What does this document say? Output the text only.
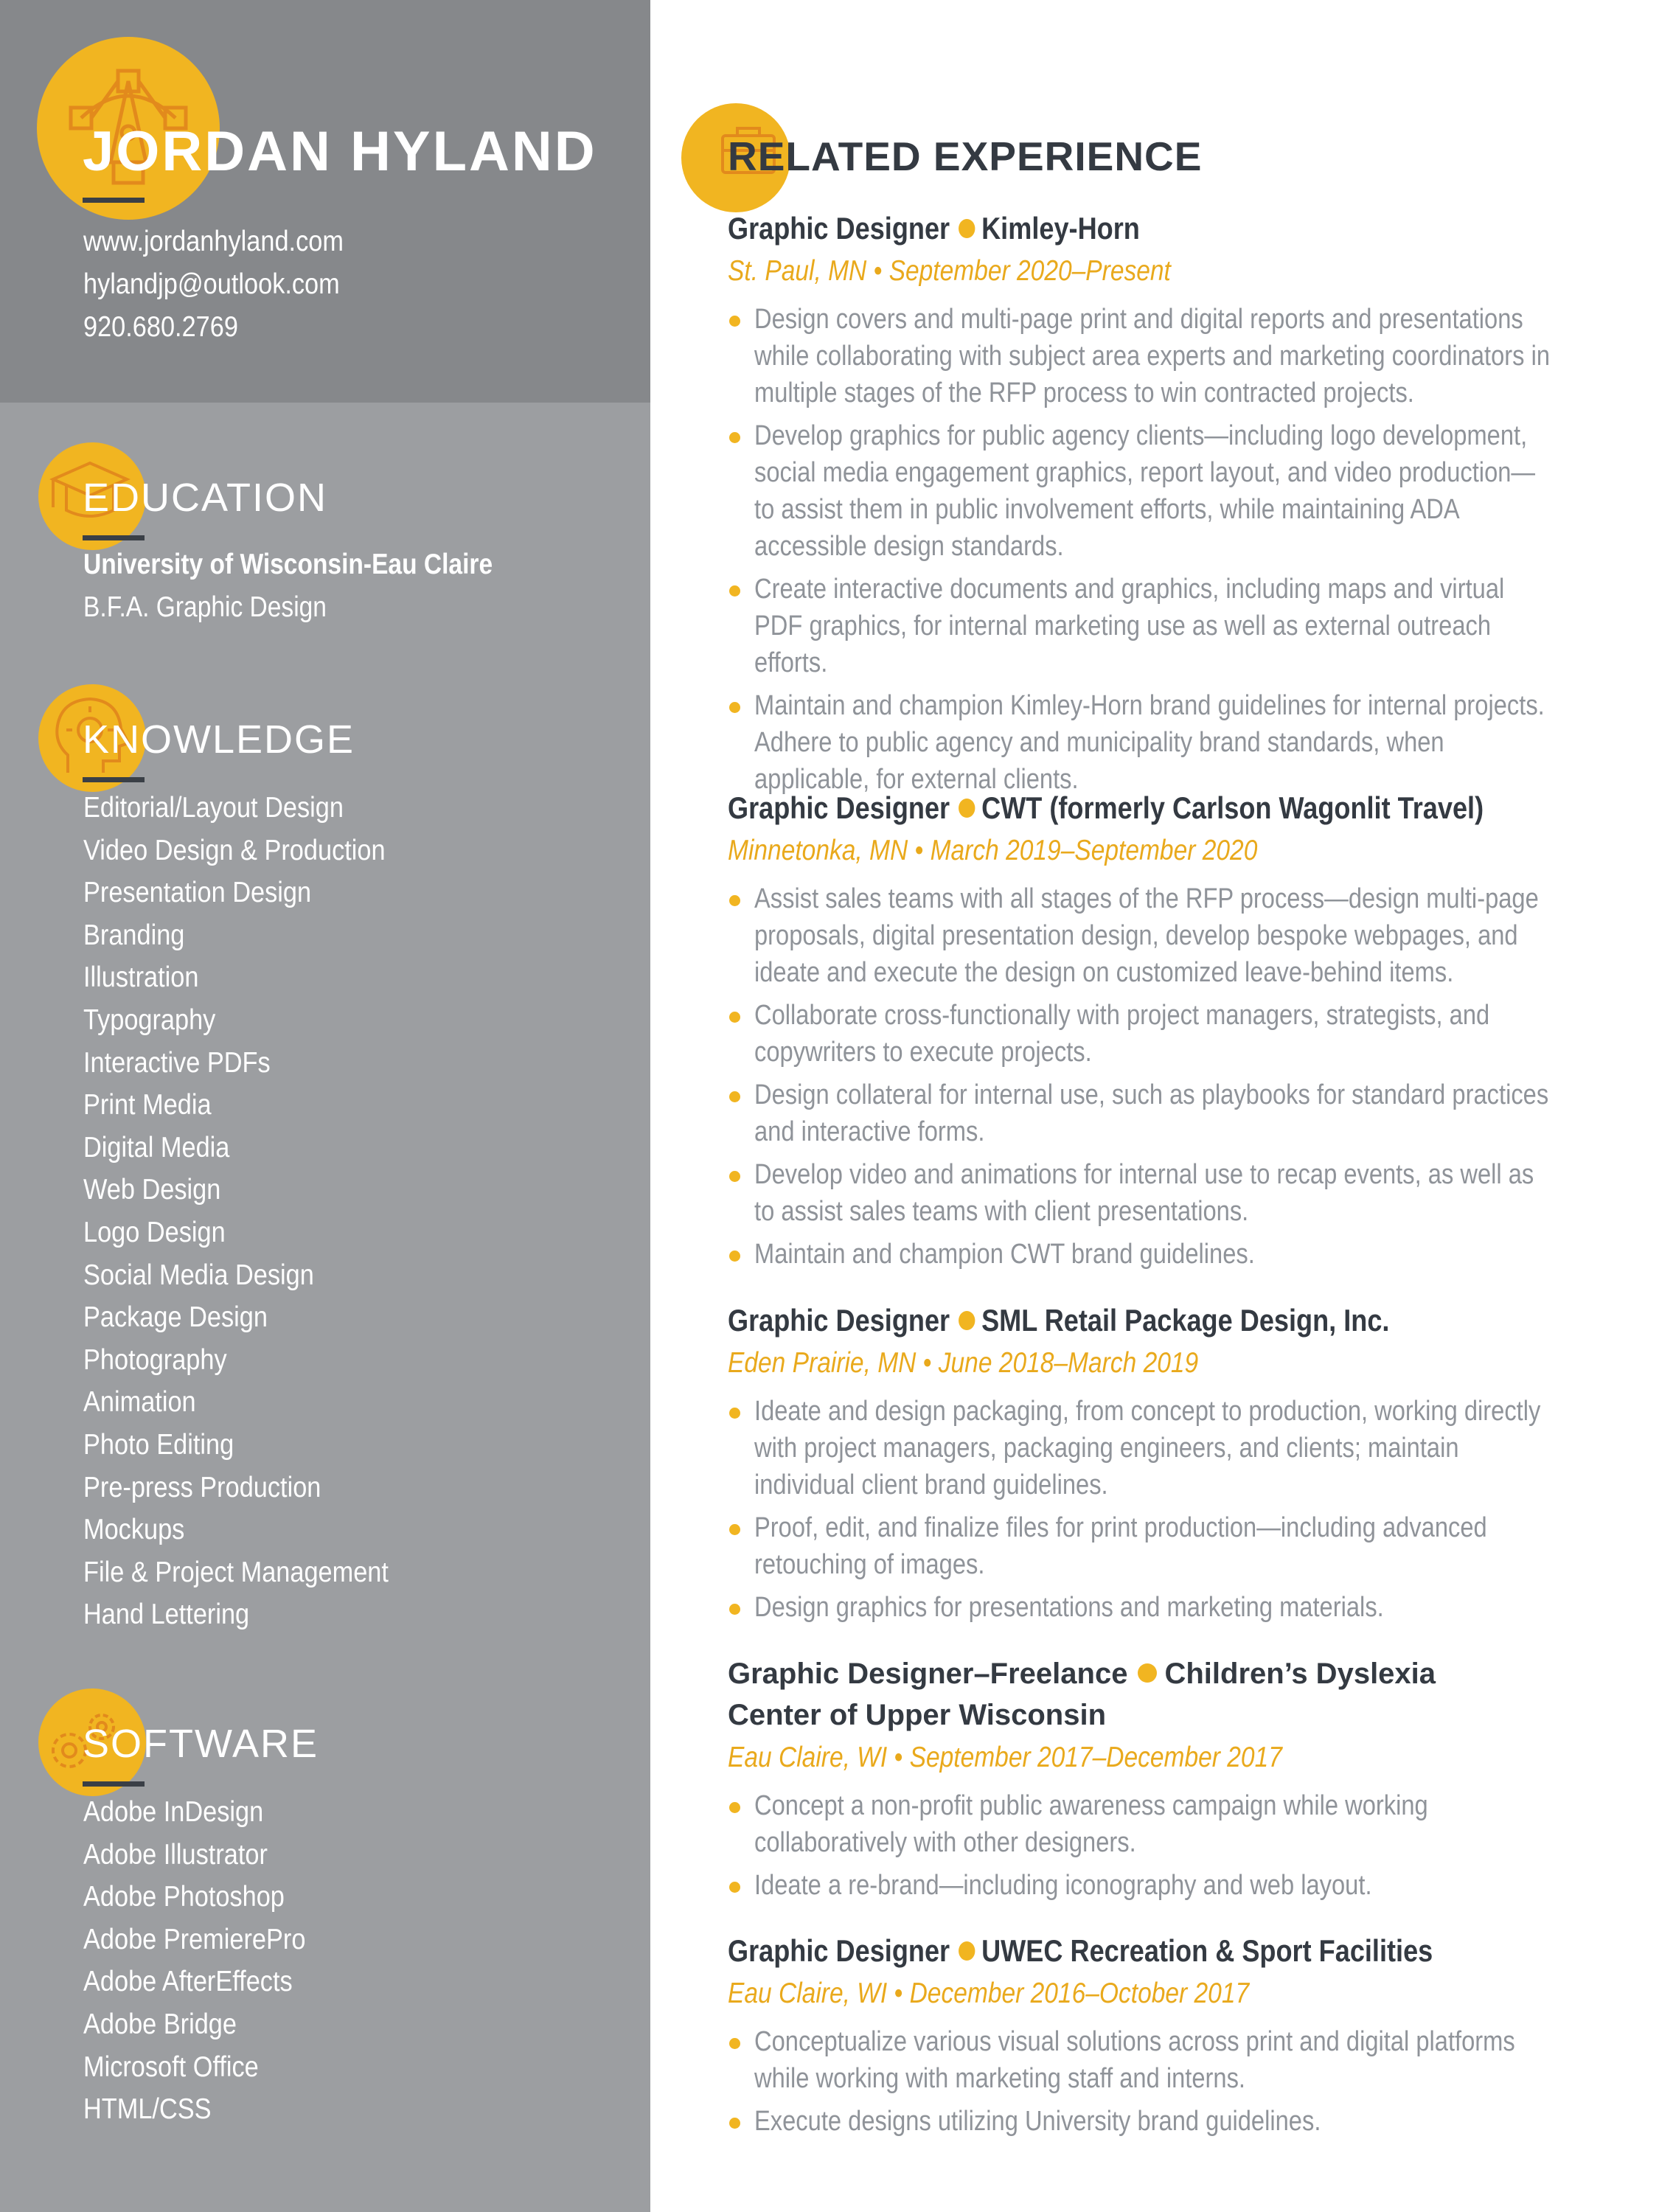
JORDAN HYLAND
www.jordanhyland.com
hylandjp@outlook.com
920.680.2769
EDUCATION
University of Wisconsin-Eau Claire
B.F.A. Graphic Design
KNOWLEDGE
Editorial/Layout Design
Video Design & Production
Presentation Design
Branding
Illustration
Typography
Interactive PDFs
Print Media
Digital Media
Web Design
Logo Design
Social Media Design
Package Design
Photography
Animation
Photo Editing
Pre-press Production
Mockups
File & Project Management
Hand Lettering
SOFTWARE
Adobe InDesign
Adobe Illustrator
Adobe Photoshop
Adobe PremierePro
Adobe AfterEffects
Adobe Bridge
Microsoft Office
HTML/CSS
RELATED EXPERIENCE
Graphic Designer Kimley-Horn
St. Paul, MN • September 2020–Present
Design covers and multi-page print and digital reports and presentations while collaborating with subject area experts and marketing coordinators in multiple stages of the RFP process to win contracted projects.
Develop graphics for public agency clients—including logo development, social media engagement graphics, report layout, and video production—to assist them in public involvement efforts, while maintaining ADA accessible design standards.
Create interactive documents and graphics, including maps and virtual PDF graphics, for internal marketing use as well as external outreach efforts.
Maintain and champion Kimley-Horn brand guidelines for internal projects. Adhere to public agency and municipality brand standards, when applicable, for external clients.
Graphic Designer CWT (formerly Carlson Wagonlit Travel)
Minnetonka, MN • March 2019–September 2020
Assist sales teams with all stages of the RFP process—design multi-page proposals, digital presentation design, develop bespoke webpages, and ideate and execute the design on customized leave-behind items.
Collaborate cross-functionally with project managers, strategists, and copywriters to execute projects.
Design collateral for internal use, such as playbooks for standard practices and interactive forms.
Develop video and animations for internal use to recap events, as well as to assist sales teams with client presentations.
Maintain and champion CWT brand guidelines.
Graphic Designer SML Retail Package Design, Inc.
Eden Prairie, MN • June 2018–March 2019
Ideate and design packaging, from concept to production, working directly with project managers, packaging engineers, and clients; maintain individual client brand guidelines.
Proof, edit, and finalize files for print production—including advanced retouching of images.
Design graphics for presentations and marketing materials.
Graphic Designer–Freelance Children’s Dyslexia Center of Upper Wisconsin
Eau Claire, WI • September 2017–December 2017
Concept a non-profit public awareness campaign while working collaboratively with other designers.
Ideate a re-brand—including iconography and web layout.
Graphic Designer UWEC Recreation & Sport Facilities
Eau Claire, WI • December 2016–October 2017
Conceptualize various visual solutions across print and digital platforms while working with marketing staff and interns.
Execute designs utilizing University brand guidelines.
